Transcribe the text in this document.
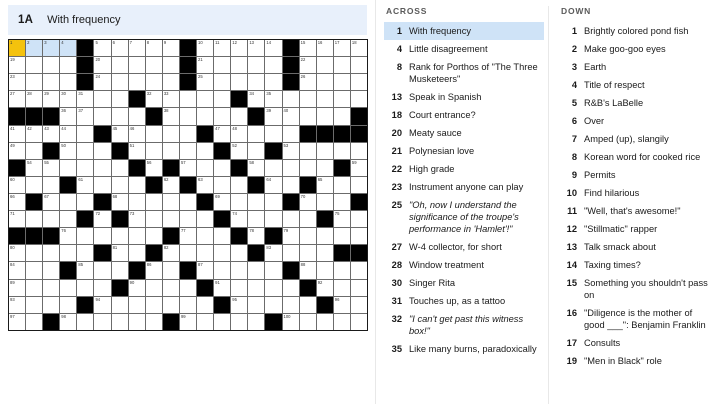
1A With frequency
1	2	3	4	5	6	7	8	9	10	11	12	13	14	15	16	17	18
19	20	21	22
23	24	25	26
27	28	29	30	31	32	33	34	35
36	37	38	39	40
41	42	43	44	45	46	47	48
49	50	51	52	53
54	55	56	57	58	59
60	61	62	63	64	65
66	67	68	69	70
71	72	73	74	75
76	77	78	79
80	81	82	83
84	85	86	87	88
89	90	91	92
93	94	95	96
97	98	99	100
ACROSS
1 With frequency
4 Little disagreement
8 Rank for Porthos of "The Three Musketeers"
13 Speak in Spanish
18 Court entrance?
20 Meaty sauce
21 Polynesian love
22 High grade
23 Instrument anyone can play
25 "Oh, now I understand the significance of the troupe's performance in 'Hamlet'!"
27 W-4 collector, for short
28 Window treatment
30 Singer Rita
31 Touches up, as a tattoo
32 "I can't get past this witness box!"
35 Like many burns, paradoxically
DOWN
1 Brightly colored pond fish
2 Make goo-goo eyes
3 Earth
4 Title of respect
5 R&B's LaBelle
6 Over
7 Amped (up), slangily
8 Korean word for cooked rice
9 Permits
10 Find hilarious
11 "Well, that's awesome!"
12 "Stillmatic" rapper
13 Talk smack about
14 Taxing times?
15 Something you shouldn't pass on
16 "Diligence is the mother of good ___": Benjamin Franklin
17 Consults
19 "Men in Black" role
